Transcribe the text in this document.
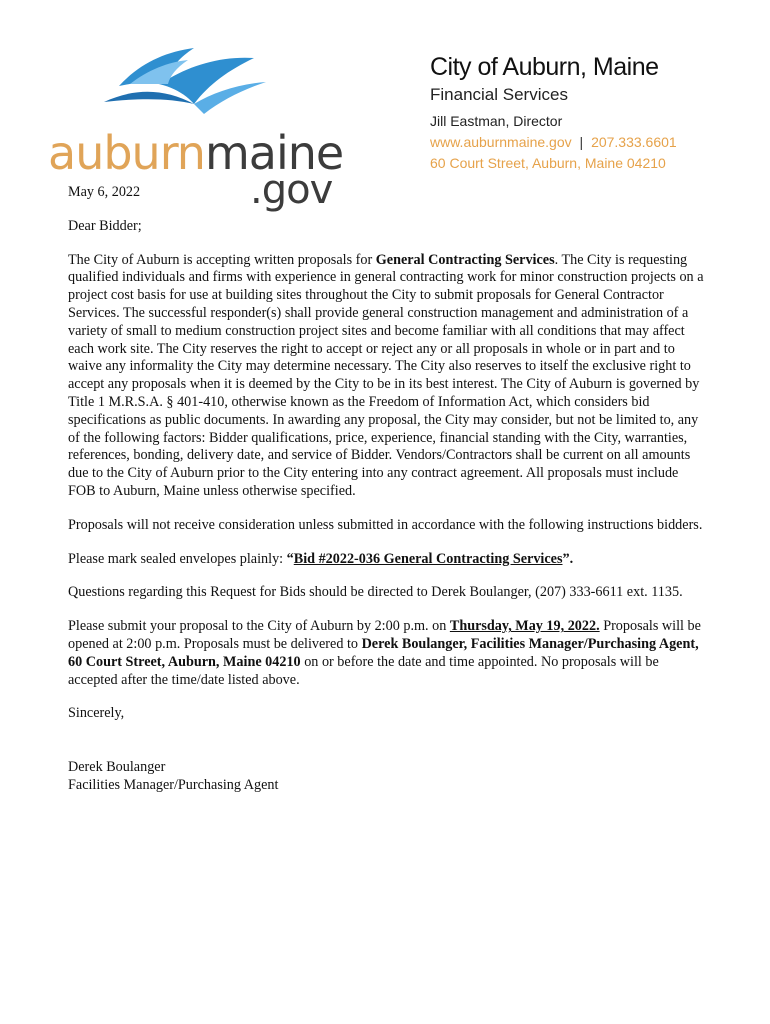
auburnmaine
.gov
City of Auburn, Maine
Financial Services
Jill Eastman, Director
www.auburnmaine.gov | 207.333.6601
60 Court Street, Auburn, Maine 04210

May 6, 2022

Dear Bidder;

The City of Auburn is accepting written proposals for General Contracting Services. The City is requesting qualified individuals and firms with experience in general contracting work for minor construction projects on a project cost basis for use at building sites throughout the City to submit proposals for General Contractor Services. The successful responder(s) shall provide general construction management and administration of a variety of small to medium construction project sites and become familiar with all conditions that may affect each work site. The City reserves the right to accept or reject any or all proposals in whole or in part and to waive any informality the City may determine necessary. The City also reserves to itself the exclusive right to accept any proposals when it is deemed by the City to be in its best interest. The City of Auburn is governed by Title 1 M.R.S.A. § 401-410, otherwise known as the Freedom of Information Act, which considers bid specifications as public documents. In awarding any proposal, the City may consider, but not be limited to, any of the following factors: Bidder qualifications, price, experience, financial standing with the City, warranties, references, bonding, delivery date, and service of Bidder. Vendors/Contractors shall be current on all amounts due to the City of Auburn prior to the City entering into any contract agreement. All proposals must include FOB to Auburn, Maine unless otherwise specified.

Proposals will not receive consideration unless submitted in accordance with the following instructions bidders.

Please mark sealed envelopes plainly: “Bid #2022-036 General Contracting Services”.

Questions regarding this Request for Bids should be directed to Derek Boulanger, (207) 333-6611 ext. 1135.

Please submit your proposal to the City of Auburn by 2:00 p.m. on Thursday, May 19, 2022. Proposals will be opened at 2:00 p.m. Proposals must be delivered to Derek Boulanger, Facilities Manager/Purchasing Agent, 60 Court Street, Auburn, Maine 04210 on or before the date and time appointed. No proposals will be accepted after the time/date listed above.

Sincerely,

Derek Boulanger
Facilities Manager/Purchasing Agent
